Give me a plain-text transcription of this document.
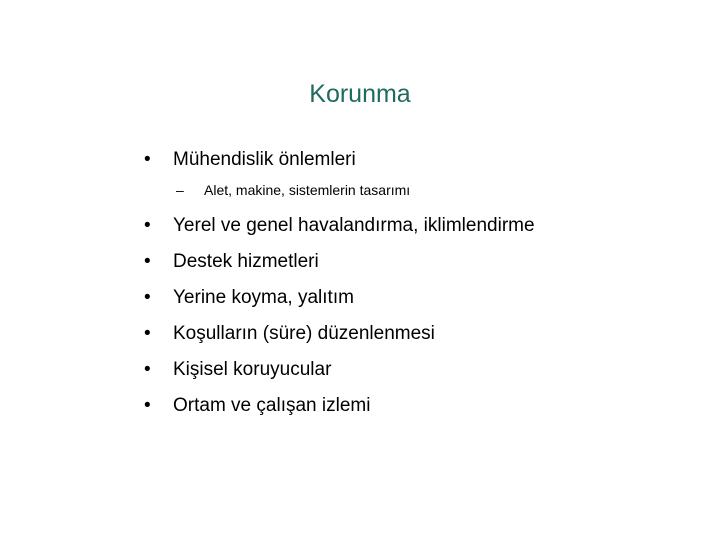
Korunma
•	Mühendislik önlemleri
– Alet, makine, sistemlerin tasarımı
•	Yerel ve genel havalandırma, iklimlendirme
•	Destek hizmetleri
•	Yerine koyma, yalıtım
•	Koşulların (süre) düzenlenmesi
•	Kişisel koruyucular
•	Ortam ve çalışan izlemi
